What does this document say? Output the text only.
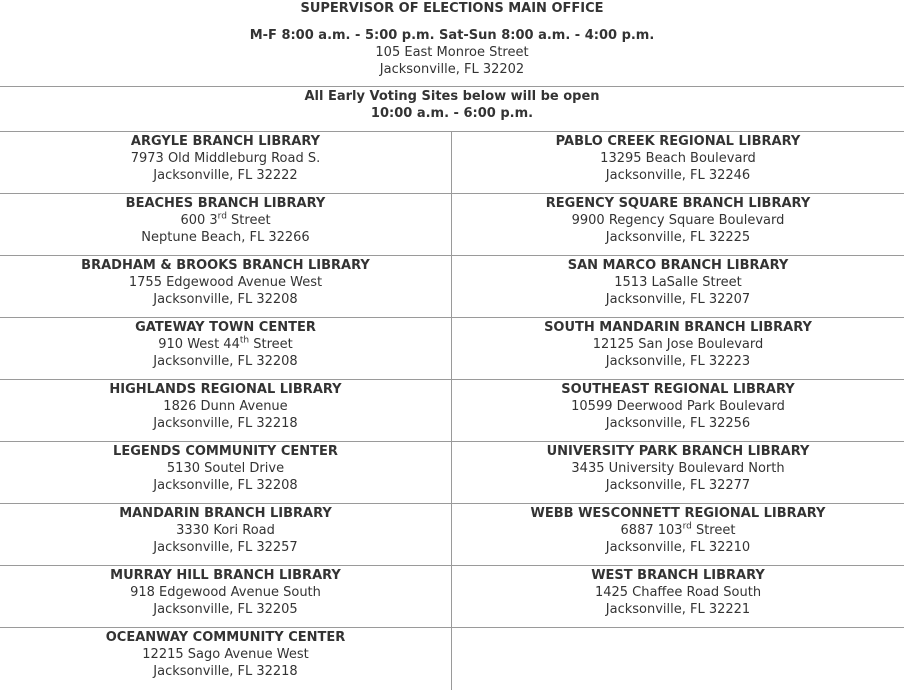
SUPERVISOR OF ELECTIONS MAIN OFFICE
M-F 8:00 a.m. - 5:00 p.m. Sat-Sun 8:00 a.m. - 4:00 p.m.
105 East Monroe Street
Jacksonville, FL 32202
All Early Voting Sites below will be open
10:00 a.m. - 6:00 p.m.
ARGYLE BRANCH LIBRARY
7973 Old Middleburg Road S.
Jacksonville, FL 32222
PABLO CREEK REGIONAL LIBRARY
13295 Beach Boulevard
Jacksonville, FL 32246
BEACHES BRANCH LIBRARY
600 3rd Street
Neptune Beach, FL 32266
REGENCY SQUARE BRANCH LIBRARY
9900 Regency Square Boulevard
Jacksonville, FL 32225
BRADHAM & BROOKS BRANCH LIBRARY
1755 Edgewood Avenue West
Jacksonville, FL 32208
SAN MARCO BRANCH LIBRARY
1513 LaSalle Street
Jacksonville, FL 32207
GATEWAY TOWN CENTER
910 West 44th Street
Jacksonville, FL 32208
SOUTH MANDARIN BRANCH LIBRARY
12125 San Jose Boulevard
Jacksonville, FL 32223
HIGHLANDS REGIONAL LIBRARY
1826 Dunn Avenue
Jacksonville, FL 32218
SOUTHEAST REGIONAL LIBRARY
10599 Deerwood Park Boulevard
Jacksonville, FL 32256
LEGENDS COMMUNITY CENTER
5130 Soutel Drive
Jacksonville, FL 32208
UNIVERSITY PARK BRANCH LIBRARY
3435 University Boulevard North
Jacksonville, FL 32277
MANDARIN BRANCH LIBRARY
3330 Kori Road
Jacksonville, FL 32257
WEBB WESCONNETT REGIONAL LIBRARY
6887 103rd Street
Jacksonville, FL 32210
MURRAY HILL BRANCH LIBRARY
918 Edgewood Avenue South
Jacksonville, FL 32205
WEST BRANCH LIBRARY
1425 Chaffee Road South
Jacksonville, FL 32221
OCEANWAY COMMUNITY CENTER
12215 Sago Avenue West
Jacksonville, FL 32218
